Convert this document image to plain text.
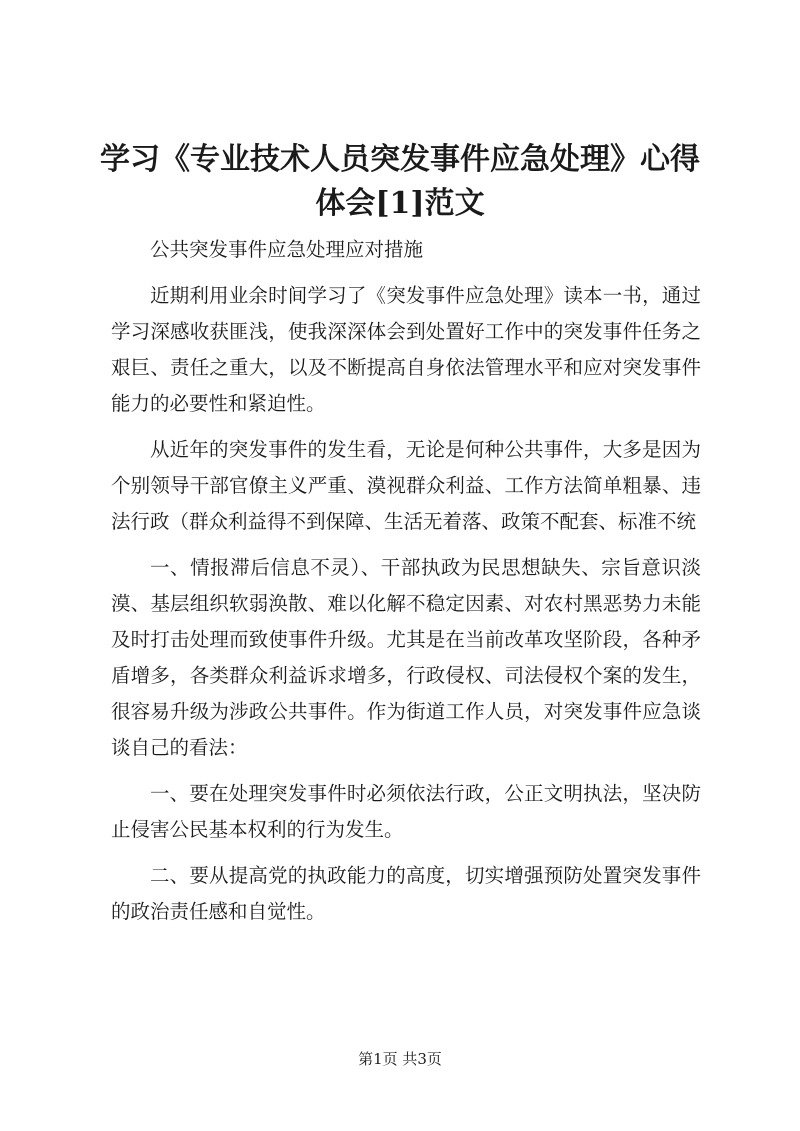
学习《专业技术人员突发事件应急处理》心得
体会[1]范文

公共突发事件应急处理应对措施

近期利用业余时间学习了《突发事件应急处理》读本一书，通过学习深感收获匪浅，使我深深体会到处置好工作中的突发事件任务之艰巨、责任之重大，以及不断提高自身依法管理水平和应对突发事件能力的必要性和紧迫性。

从近年的突发事件的发生看，无论是何种公共事件，大多是因为个别领导干部官僚主义严重、漠视群众利益、工作方法简单粗暴、违法行政（群众利益得不到保障、生活无着落、政策不配套、标准不统

一、情报滞后信息不灵）、干部执政为民思想缺失、宗旨意识淡漠、基层组织软弱涣散、难以化解不稳定因素、对农村黑恶势力未能及时打击处理而致使事件升级。尤其是在当前改革攻坚阶段，各种矛盾增多，各类群众利益诉求增多，行政侵权、司法侵权个案的发生，很容易升级为涉政公共事件。作为街道工作人员，对突发事件应急谈谈自己的看法：

一、要在处理突发事件时必须依法行政，公正文明执法，坚决防止侵害公民基本权利的行为发生。

二、要从提高党的执政能力的高度，切实增强预防处置突发事件的政治责任感和自觉性。

第1页 共3页
